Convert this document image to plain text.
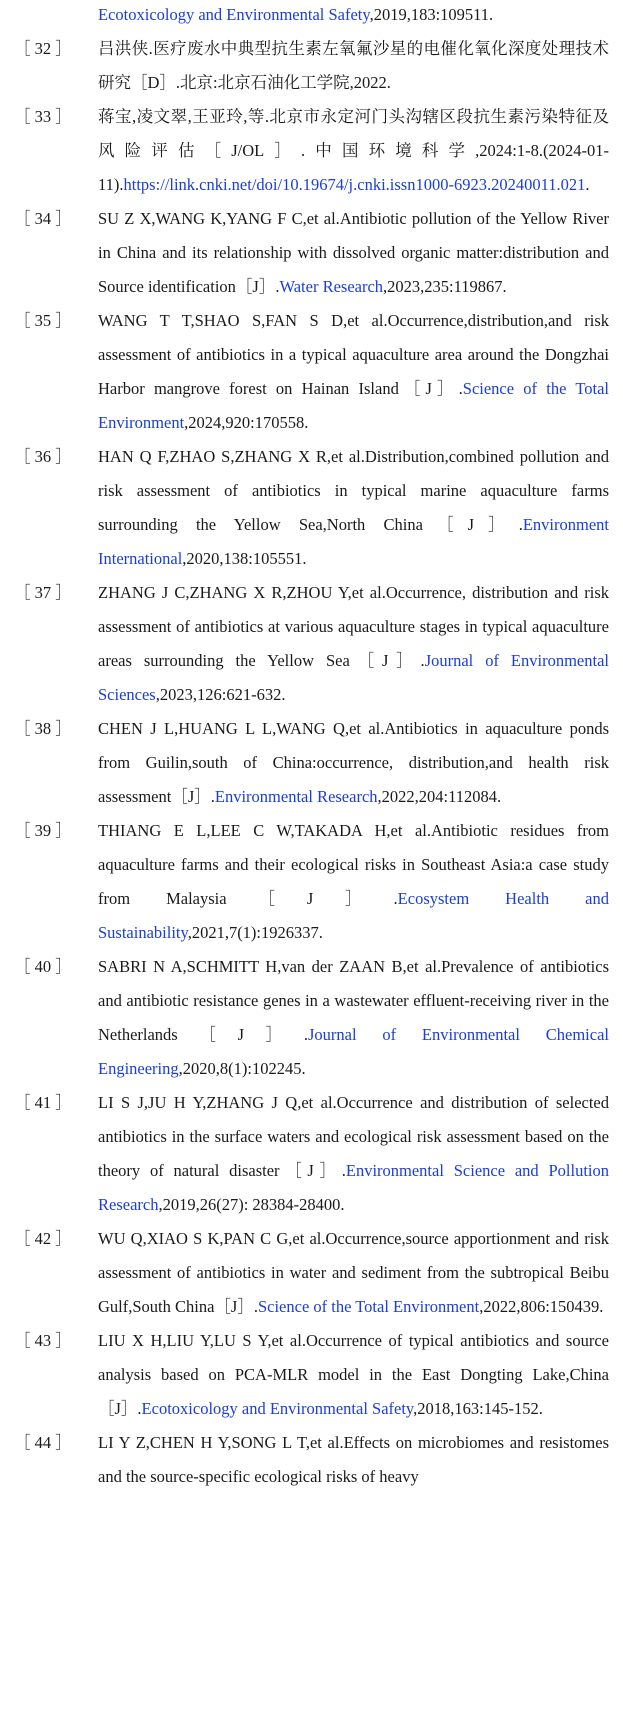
Ecotoxicology and Environmental Safety,2019,183:109511.
［ 32 ］	吕洪侠.医疗废水中典型抗生素左氧氟沙星的电催化氧化深度处理技术研究［D］.北京:北京石油化工学院,2022.
［ 33 ］	蒋宝,凌文翠,王亚玲,等.北京市永定河门头沟辖区段抗生素污染特征及风险评估［J/OL］.中国环境科学,2024:1-8.(2024-01-11).https://link.cnki.net/doi/10.19674/j.cnki.issn1000-6923.20240011.021.
［ 34 ］	SU Z X,WANG K,YANG F C,et al.Antibiotic pollution of the Yellow River in China and its relationship with dissolved organic matter:distribution and Source identification［J］.Water Research,2023,235:119867.
［ 35 ］	WANG T T,SHAO S,FAN S D,et al.Occurrence,distribution,and risk assessment of antibiotics in a typical aquaculture area around the Dongzhai Harbor mangrove forest on Hainan Island［J］.Science of the Total Environment,2024,920:170558.
［ 36 ］	HAN Q F,ZHAO S,ZHANG X R,et al.Distribution,combined pollution and risk assessment of antibiotics in typical marine aquaculture farms surrounding the Yellow Sea,North China［J］.Environment International,2020,138:105551.
［ 37 ］	ZHANG J C,ZHANG X R,ZHOU Y,et al.Occurrence, distribution and risk assessment of antibiotics at various aquaculture stages in typical aquaculture areas surrounding the Yellow Sea［J］.Journal of Environmental Sciences,2023,126:621-632.
［ 38 ］	CHEN J L,HUANG L L,WANG Q,et al.Antibiotics in aquaculture ponds from Guilin,south of China:occurrence, distribution,and health risk assessment［J］.Environmental Research,2022,204:112084.
［ 39 ］	THIANG E L,LEE C W,TAKADA H,et al.Antibiotic residues from aquaculture farms and their ecological risks in Southeast Asia:a case study from Malaysia［J］.Ecosystem Health and Sustainability,2021,7(1):1926337.
［ 40 ］	SABRI N A,SCHMITT H,van der ZAAN B,et al.Prevalence of antibiotics and antibiotic resistance genes in a wastewater effluent-receiving river in the Netherlands［J］.Journal of Environmental Chemical Engineering,2020,8(1):102245.
［ 41 ］	LI S J,JU H Y,ZHANG J Q,et al.Occurrence and distribution of selected antibiotics in the surface waters and ecological risk assessment based on the theory of natural disaster［J］.Environmental Science and Pollution Research,2019,26(27): 28384-28400.
［ 42 ］	WU Q,XIAO S K,PAN C G,et al.Occurrence,source apportionment and risk assessment of antibiotics in water and sediment from the subtropical Beibu Gulf,South China［J］.Science of the Total Environment,2022,806:150439.
［ 43 ］	LIU X H,LIU Y,LU S Y,et al.Occurrence of typical antibiotics and source analysis based on PCA-MLR model in the East Dongting Lake,China［J］.Ecotoxicology and Environmental Safety,2018,163:145-152.
［ 44 ］	LI Y Z,CHEN H Y,SONG L T,et al.Effects on microbiomes and resistomes and the source-specific ecological risks of heavy
